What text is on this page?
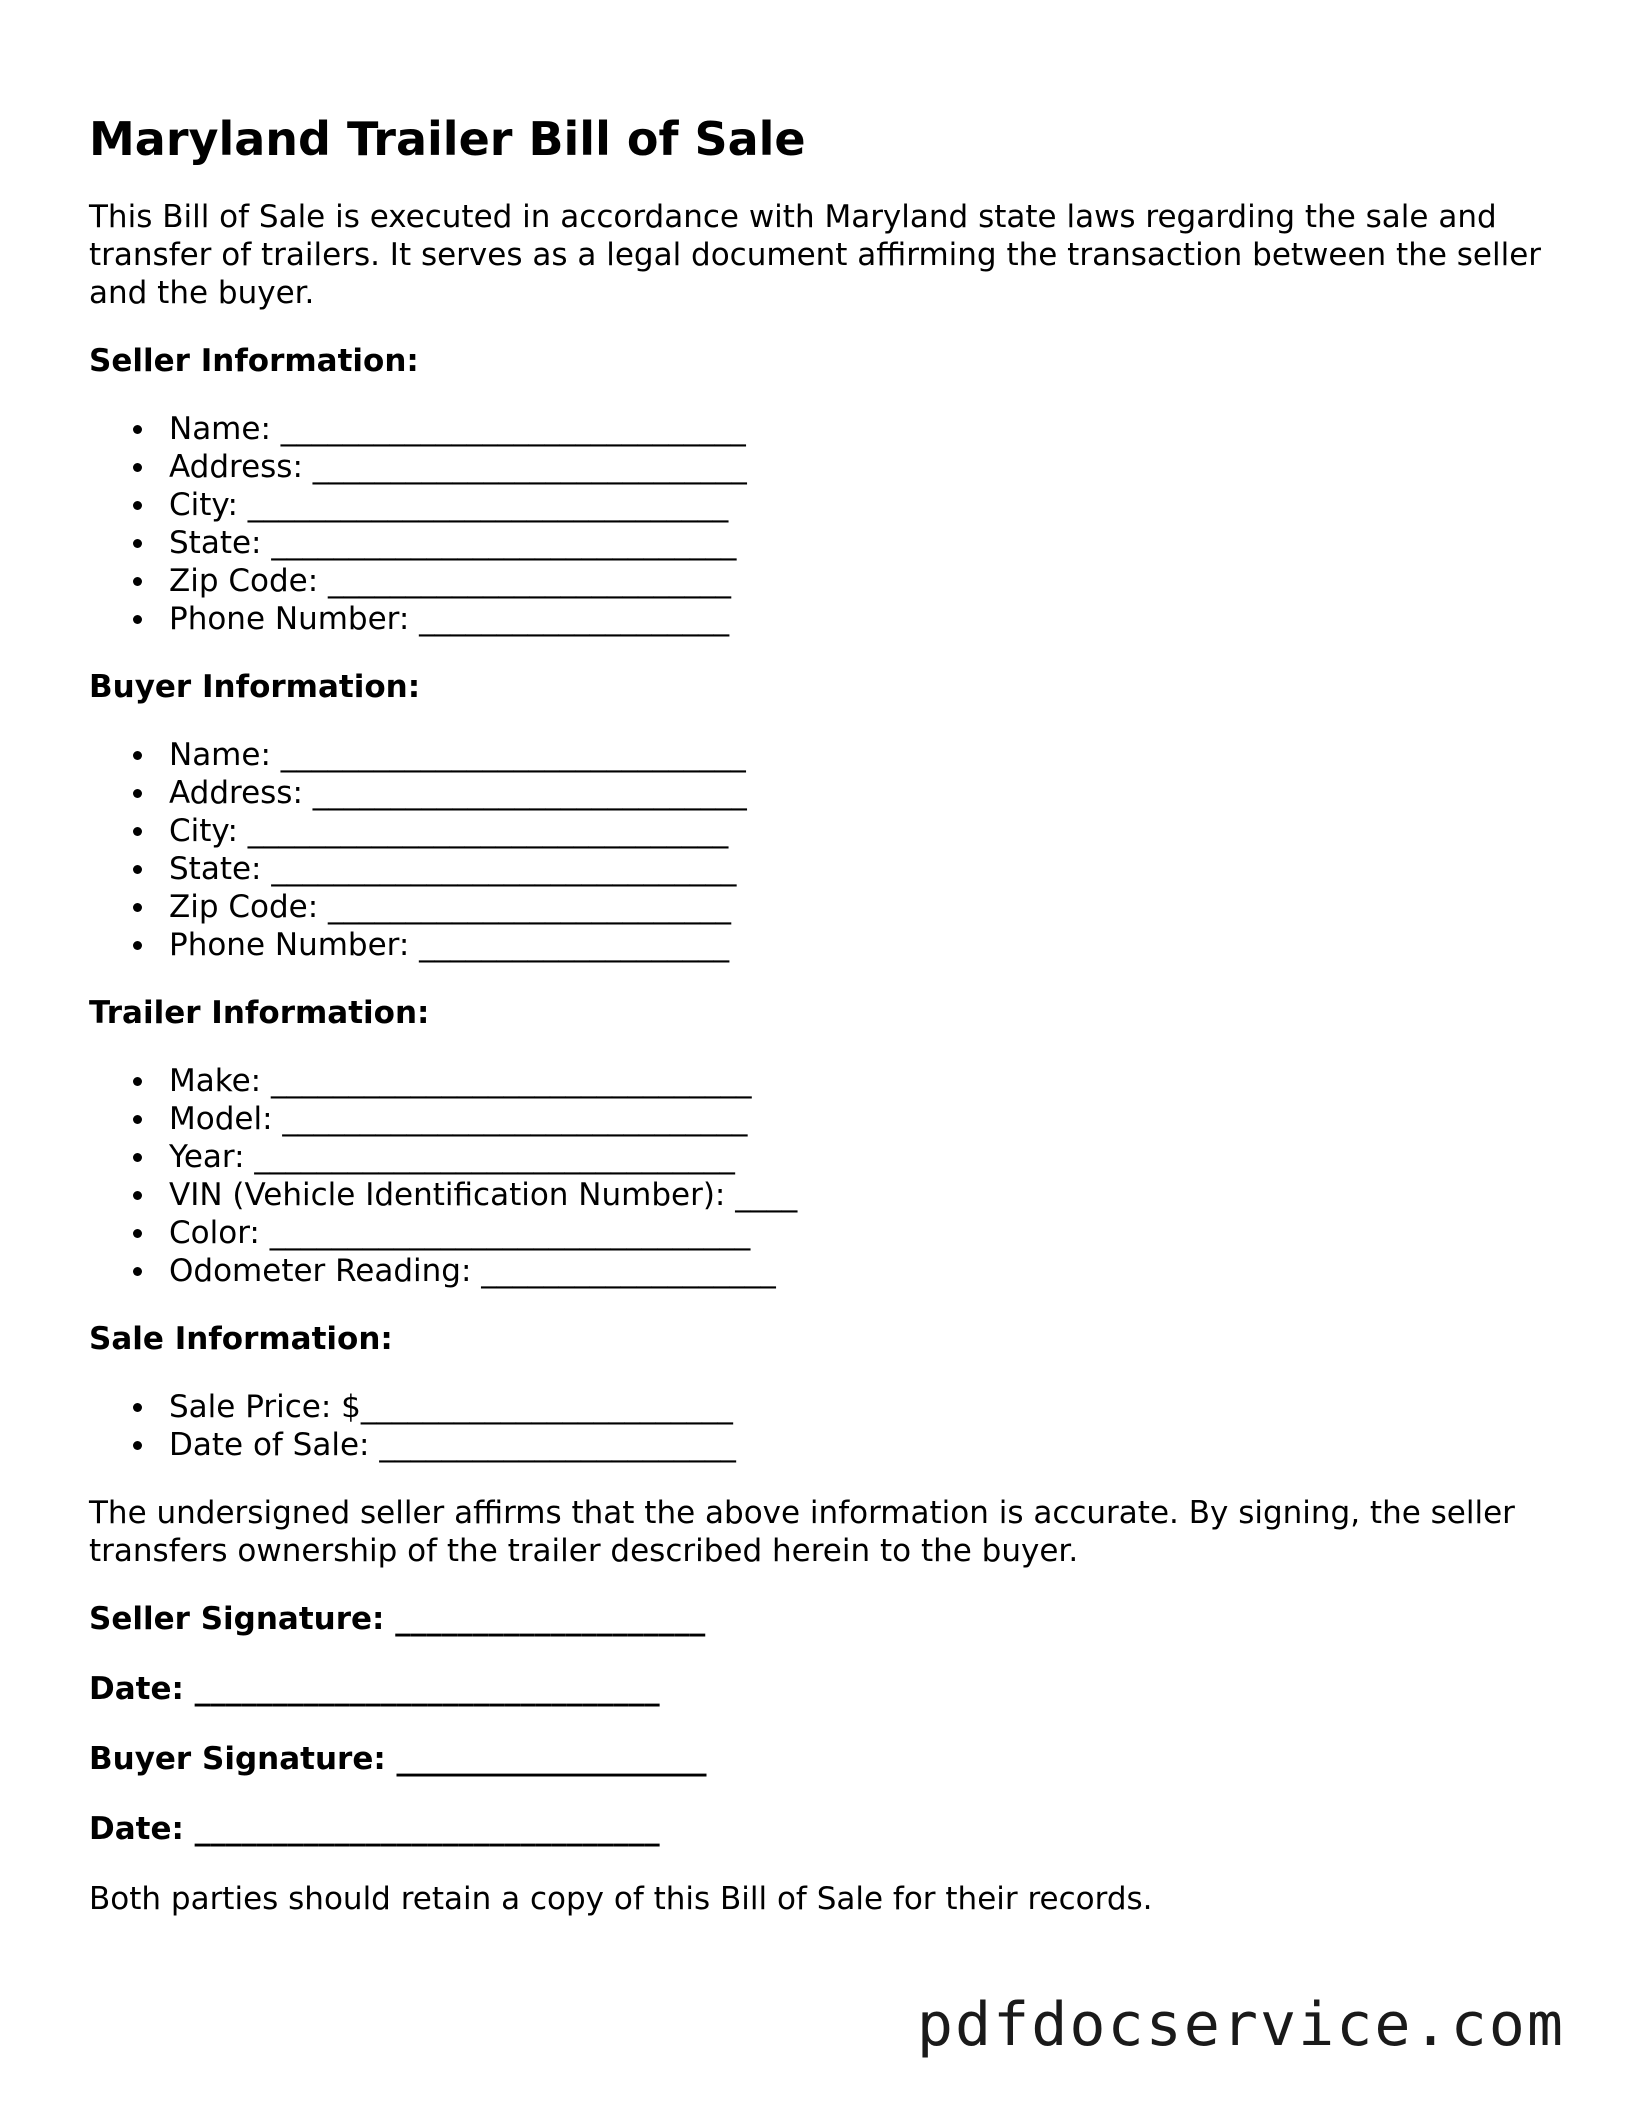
Maryland Trailer Bill of Sale

This Bill of Sale is executed in accordance with Maryland state laws regarding the sale and transfer of trailers. It serves as a legal document affirming the transaction between the seller and the buyer.

Seller Information:
Name: ______________________________
Address: ____________________________
City: _______________________________
State: ______________________________
Zip Code: __________________________
Phone Number: ____________________
Buyer Information:
Name: ______________________________
Address: ____________________________
City: _______________________________
State: ______________________________
Zip Code: __________________________
Phone Number: ____________________
Trailer Information:
Make: _______________________________
Model: ______________________________
Year: _______________________________
VIN (Vehicle Identification Number): ____
Color: _______________________________
Odometer Reading: ___________________
Sale Information:
Sale Price: $________________________
Date of Sale: _______________________

The undersigned seller affirms that the above information is accurate. By signing, the seller transfers ownership of the trailer described herein to the buyer.

Seller Signature: ____________________
Date: ______________________________
Buyer Signature: ____________________
Date: ______________________________

Both parties should retain a copy of this Bill of Sale for their records.

pdfdocservice.com
